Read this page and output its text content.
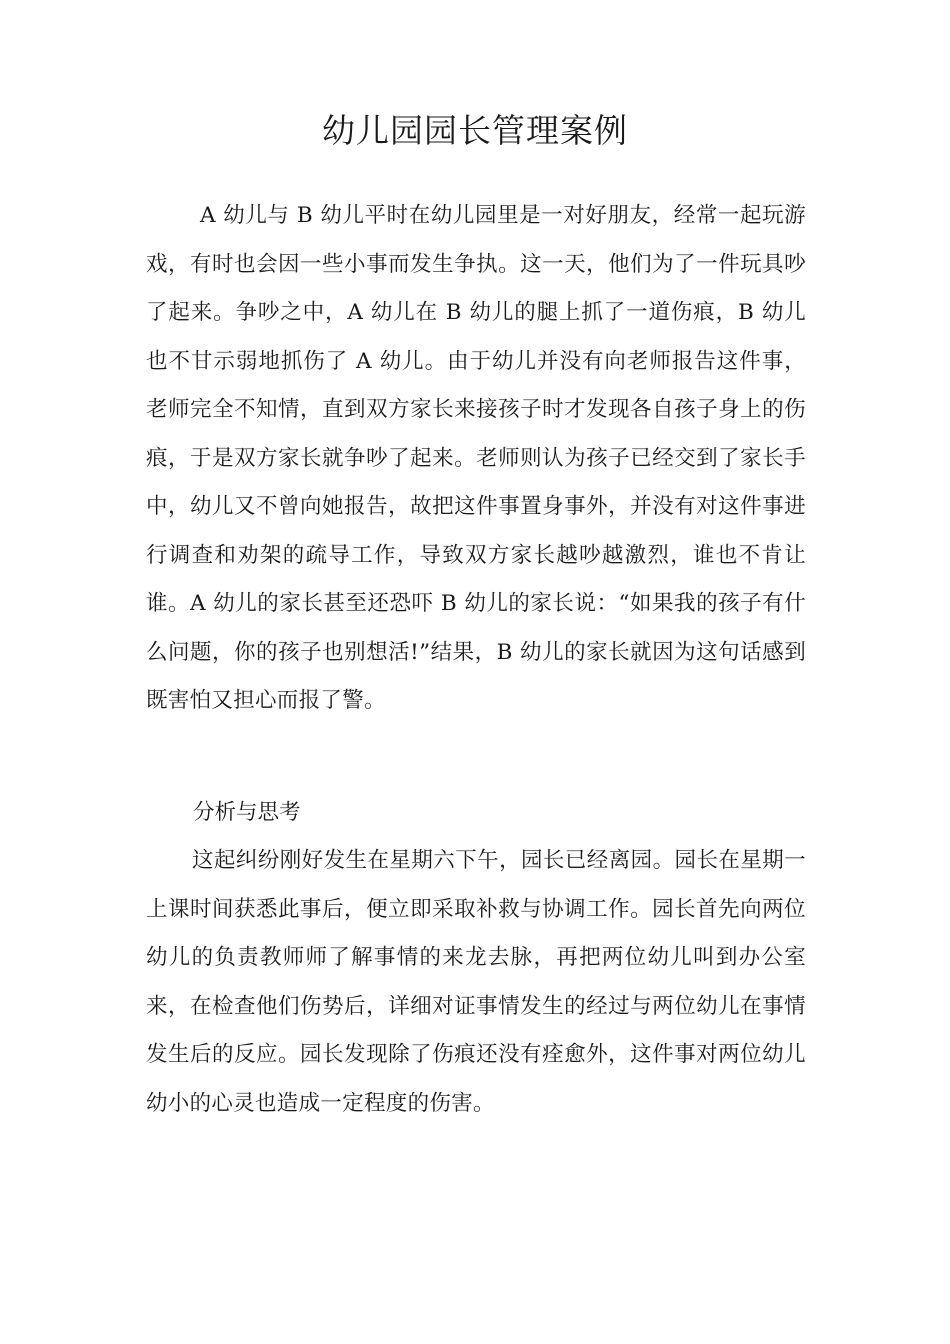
幼儿园园长管理案例

A 幼儿与 B 幼儿平时在幼儿园里是一对好朋友，经常一起玩游戏，有时也会因一些小事而发生争执。这一天，他们为了一件玩具吵了起来。争吵之中，A 幼儿在 B 幼儿的腿上抓了一道伤痕，B 幼儿也不甘示弱地抓伤了 A 幼儿。由于幼儿并没有向老师报告这件事，老师完全不知情，直到双方家长来接孩子时才发现各自孩子身上的伤痕，于是双方家长就争吵了起来。老师则认为孩子已经交到了家长手中，幼儿又不曾向她报告，故把这件事置身事外，并没有对这件事进行调查和劝架的疏导工作，导致双方家长越吵越激烈，谁也不肯让谁。A 幼儿的家长甚至还恐吓 B 幼儿的家长说：“如果我的孩子有什么问题，你的孩子也别想活!”结果，B 幼儿的家长就因为这句话感到既害怕又担心而报了警。

分析与思考

这起纠纷刚好发生在星期六下午，园长已经离园。园长在星期一上课时间获悉此事后，便立即采取补救与协调工作。园长首先向两位幼儿的负责教师师了解事情的来龙去脉，再把两位幼儿叫到办公室来，在检查他们伤势后，详细对证事情发生的经过与两位幼儿在事情发生后的反应。园长发现除了伤痕还没有痊愈外，这件事对两位幼儿幼小的心灵也造成一定程度的伤害。
